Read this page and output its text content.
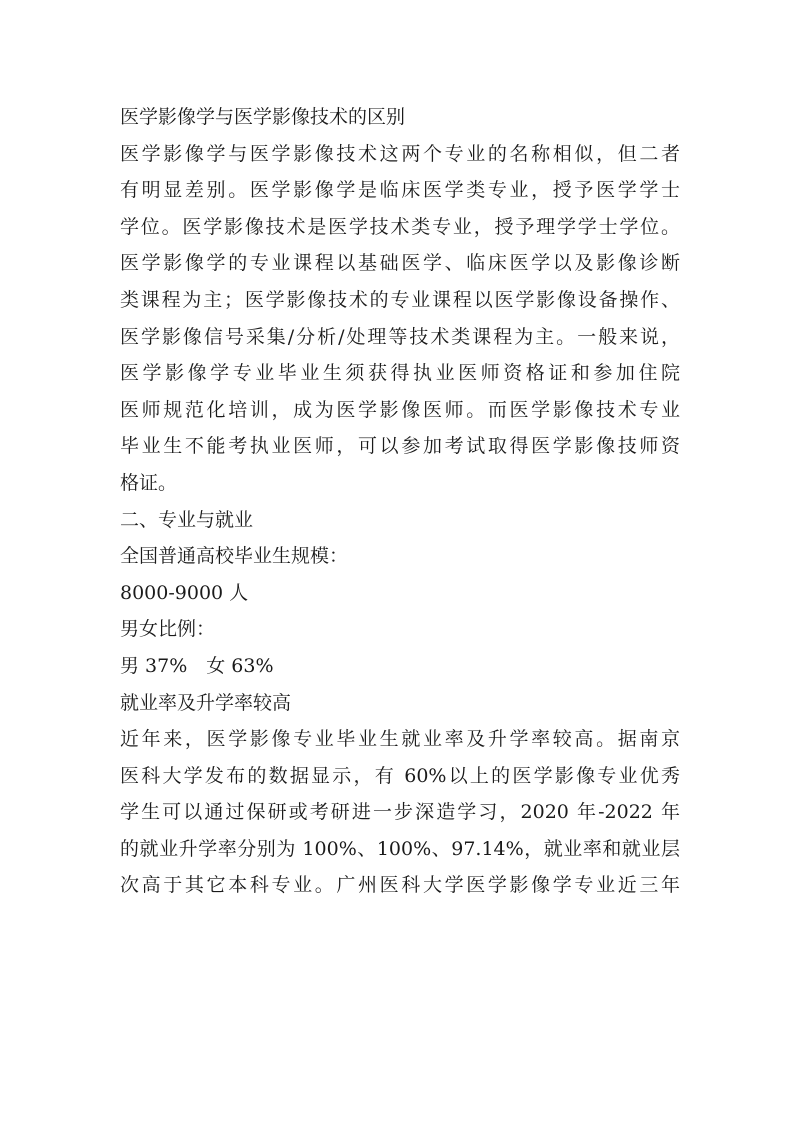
医学影像学与医学影像技术的区别
医学影像学与医学影像技术这两个专业的名称相似，但二者
有明显差别。医学影像学是临床医学类专业，授予医学学士
学位。医学影像技术是医学技术类专业，授予理学学士学位。
医学影像学的专业课程以基础医学、临床医学以及影像诊断
类课程为主；医学影像技术的专业课程以医学影像设备操作、
医学影像信号采集/分析/处理等技术类课程为主。一般来说，
医学影像学专业毕业生须获得执业医师资格证和参加住院
医师规范化培训，成为医学影像医师。而医学影像技术专业
毕业生不能考执业医师，可以参加考试取得医学影像技师资
格证。
二、专业与就业
全国普通高校毕业生规模：
8000-9000 人
男女比例：
男 37%　女 63%
就业率及升学率较高
近年来，医学影像专业毕业生就业率及升学率较高。据南京
医科大学发布的数据显示，有 60%以上的医学影像专业优秀
学生可以通过保研或考研进一步深造学习，2020 年-2022 年
的就业升学率分别为 100%、100%、97.14%，就业率和就业层
次高于其它本科专业。广州医科大学医学影像学专业近三年
